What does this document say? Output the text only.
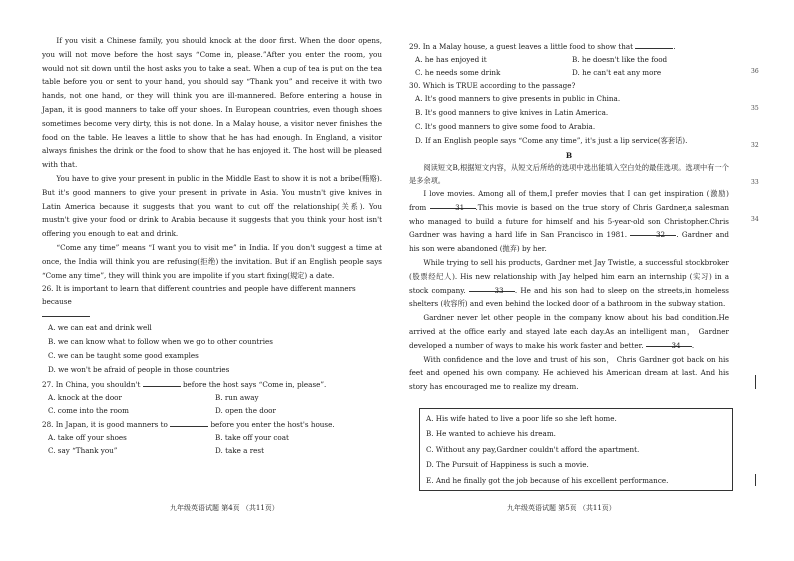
If you visit a Chinese family, you should knock at the door first. When the door opens, you will not move before the host says “Come in, please.”After you enter the room, you would not sit down until the host asks you to take a seat. When a cup of tea is put on the tea table before you or sent to your hand, you should say “Thank you” and receive it with two hands, not one hand, or they will think you are ill-mannered. Before entering a house in Japan, it is good manners to take off your shoes. In European countries, even though shoes sometimes become very dirty, this is not done. In a Malay house, a visitor never finishes the food on the table. He leaves a little to show that he has had enough. In England, a visitor always finishes the drink or the food to show that he has enjoyed it. The host will be pleased with that.

You have to give your present in public in the Middle East to show it is not a bribe(贿赂). But it's good manners to give your present in private in Asia. You mustn't give knives in Latin America because it suggests that you want to cut off the relationship(关系). You mustn't give your food or drink to Arabia because it suggests that you think your host isn't offering you enough to eat and drink.

“Come any time” means “I want you to visit me” in India. If you don't suggest a time at once, the India will think you are refusing(拒绝) the invitation. But if an English people says “Come any time”, they will think you are impolite if you start fixing(規定) a date.

26. It is important to learn that different countries and people have different manners because

A. we can eat and drink well
B. we can know what to follow when we go to other countries
C. we can be taught some good examples
D. we won't be afraid of people in those countries

27. In China, you shouldn't	before the host says “Come in, please”.

A. knock at the door	B. run away
C. come into the room	D. open the door

28. In Japan, it is good manners to	before you enter the host's house.

A. take off your shoes	B. take off your coat
C. say “Thank you”	D. take a rest
九年级英语试题 第4页 （共11页）

29. In a Malay house, a guest leaves a little food to show that	.

A. he has enjoyed it	B. he doesn't like the food
C. he needs some drink	D. he can't eat any more

30. Which is TRUE according to the passage?

A. It's good manners to give presents in public in China.
B. It's good manners to give knives in Latin America.
C. It's good manners to give some food to Arabia.
D. If an English people says “Come any time”, it's just a lip service(客套话).

B

阅读短文B,根据短文内容，从短文后所给的选项中选出能填入空白处的最佳选项。选项中有一个是多余项。

I love movies. Among all of them,I prefer movies that I can get inspiration (激励) from	31 .This movie is based on the true story of Chris Gardner,a salesman who managed to build a future for himself and his 5-year-old son Christopher.Chris Gardner was having a hard life in San Francisco in 1981.	32 . Gardner and his son were abandoned (抛弃) by her.

While trying to sell his products, Gardner met Jay Twistle, a successful stockbroker (股票经纪人). His new relationship with Jay helped him earn an internship (实习) in a stock company.	33 . He and his son had to sleep on the streets,in homeless shelters (收容所) and even behind the locked door of a bathroom in the subway station.

Gardner never let other people in the company know about his bad condition.He arrived at the office early and stayed late each day.As an intelligent man， Gardner developed a number of ways to make his work faster and better.	34 .

With confidence and the love and trust of his son， Chris Gardner got back on his feet and opened his own company. He achieved his American dream at last. And his story has encouraged me to realize my dream.

A. His wife hated to live a poor life so she left home.
B. He wanted to achieve his dream.
C. Without any pay,Gardner couldn't afford the apartment.
D. The Pursuit of Happiness is such a movie.
E. And he finally got the job because of his excellent performance.
36
35
32
33
34
九年级英语试题 第5页 （共11页）
